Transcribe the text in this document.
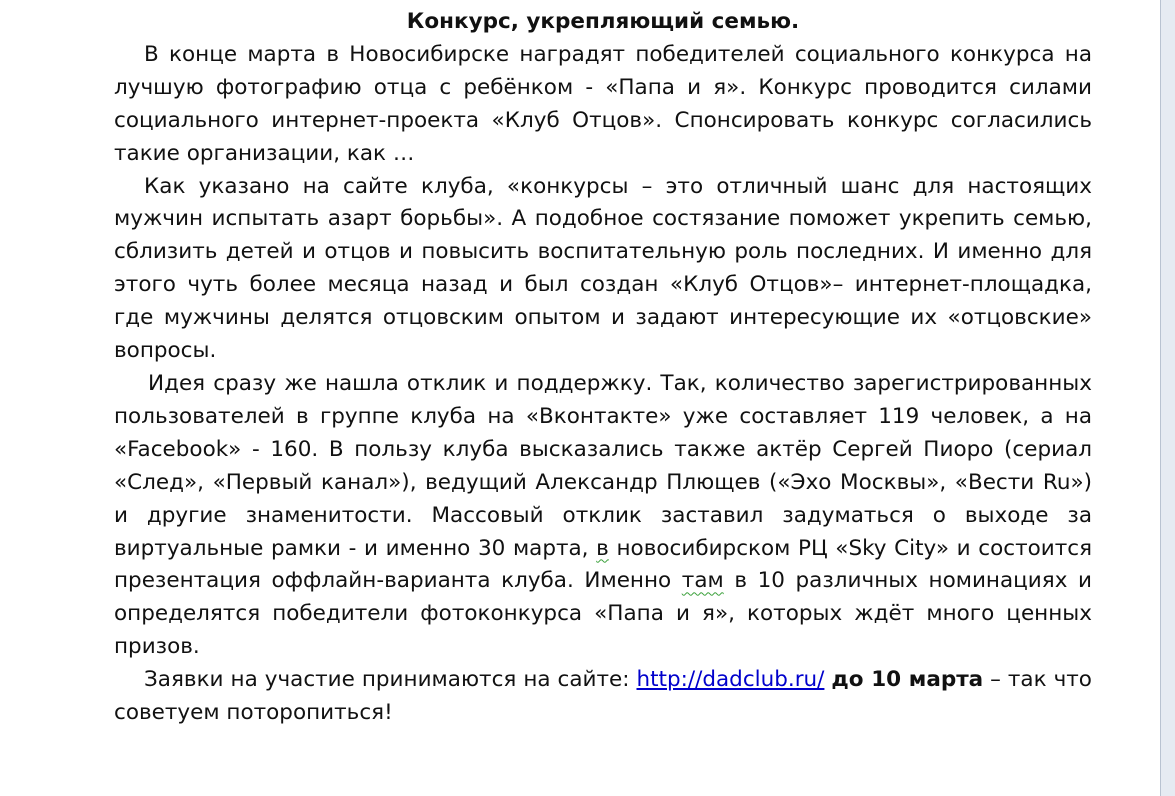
Конкурс, укрепляющий семью.

В конце марта в Новосибирске наградят победителей социального конкурса на лучшую фотографию отца с ребёнком - «Папа и я». Конкурс проводится силами социального интернет-проекта «Клуб Отцов». Спонсировать конкурс согласились такие организации, как …

Как указано на сайте клуба, «конкурсы – это отличный шанс для настоящих мужчин испытать азарт борьбы». А подобное состязание поможет укрепить семью, сблизить детей и отцов и повысить воспитательную роль последних. И именно для этого чуть более месяца назад и был создан «Клуб Отцов»– интернет-площадка, где мужчины делятся отцовским опытом и задают интересующие их «отцовские» вопросы.

Идея сразу же нашла отклик и поддержку. Так, количество зарегистрированных пользователей в группе клуба на «Вконтакте» уже составляет 119 человек, а на «Facebook» - 160. В пользу клуба высказались также актёр Сергей Пиоро (сериал «След», «Первый канал»), ведущий Александр Плющев («Эхо Москвы», «Вести Ru») и другие знаменитости. Массовый отклик заставил задуматься о выходе за виртуальные рамки - и именно 30 марта, в новосибирском РЦ «Sky City» и состоится презентация оффлайн-варианта клуба. Именно там в 10 различных номинациях и определятся победители фотоконкурса «Папа и я», которых ждёт много ценных призов.

Заявки на участие принимаются на сайте: http://dadclub.ru/ до 10 марта – так что советуем поторопиться!
